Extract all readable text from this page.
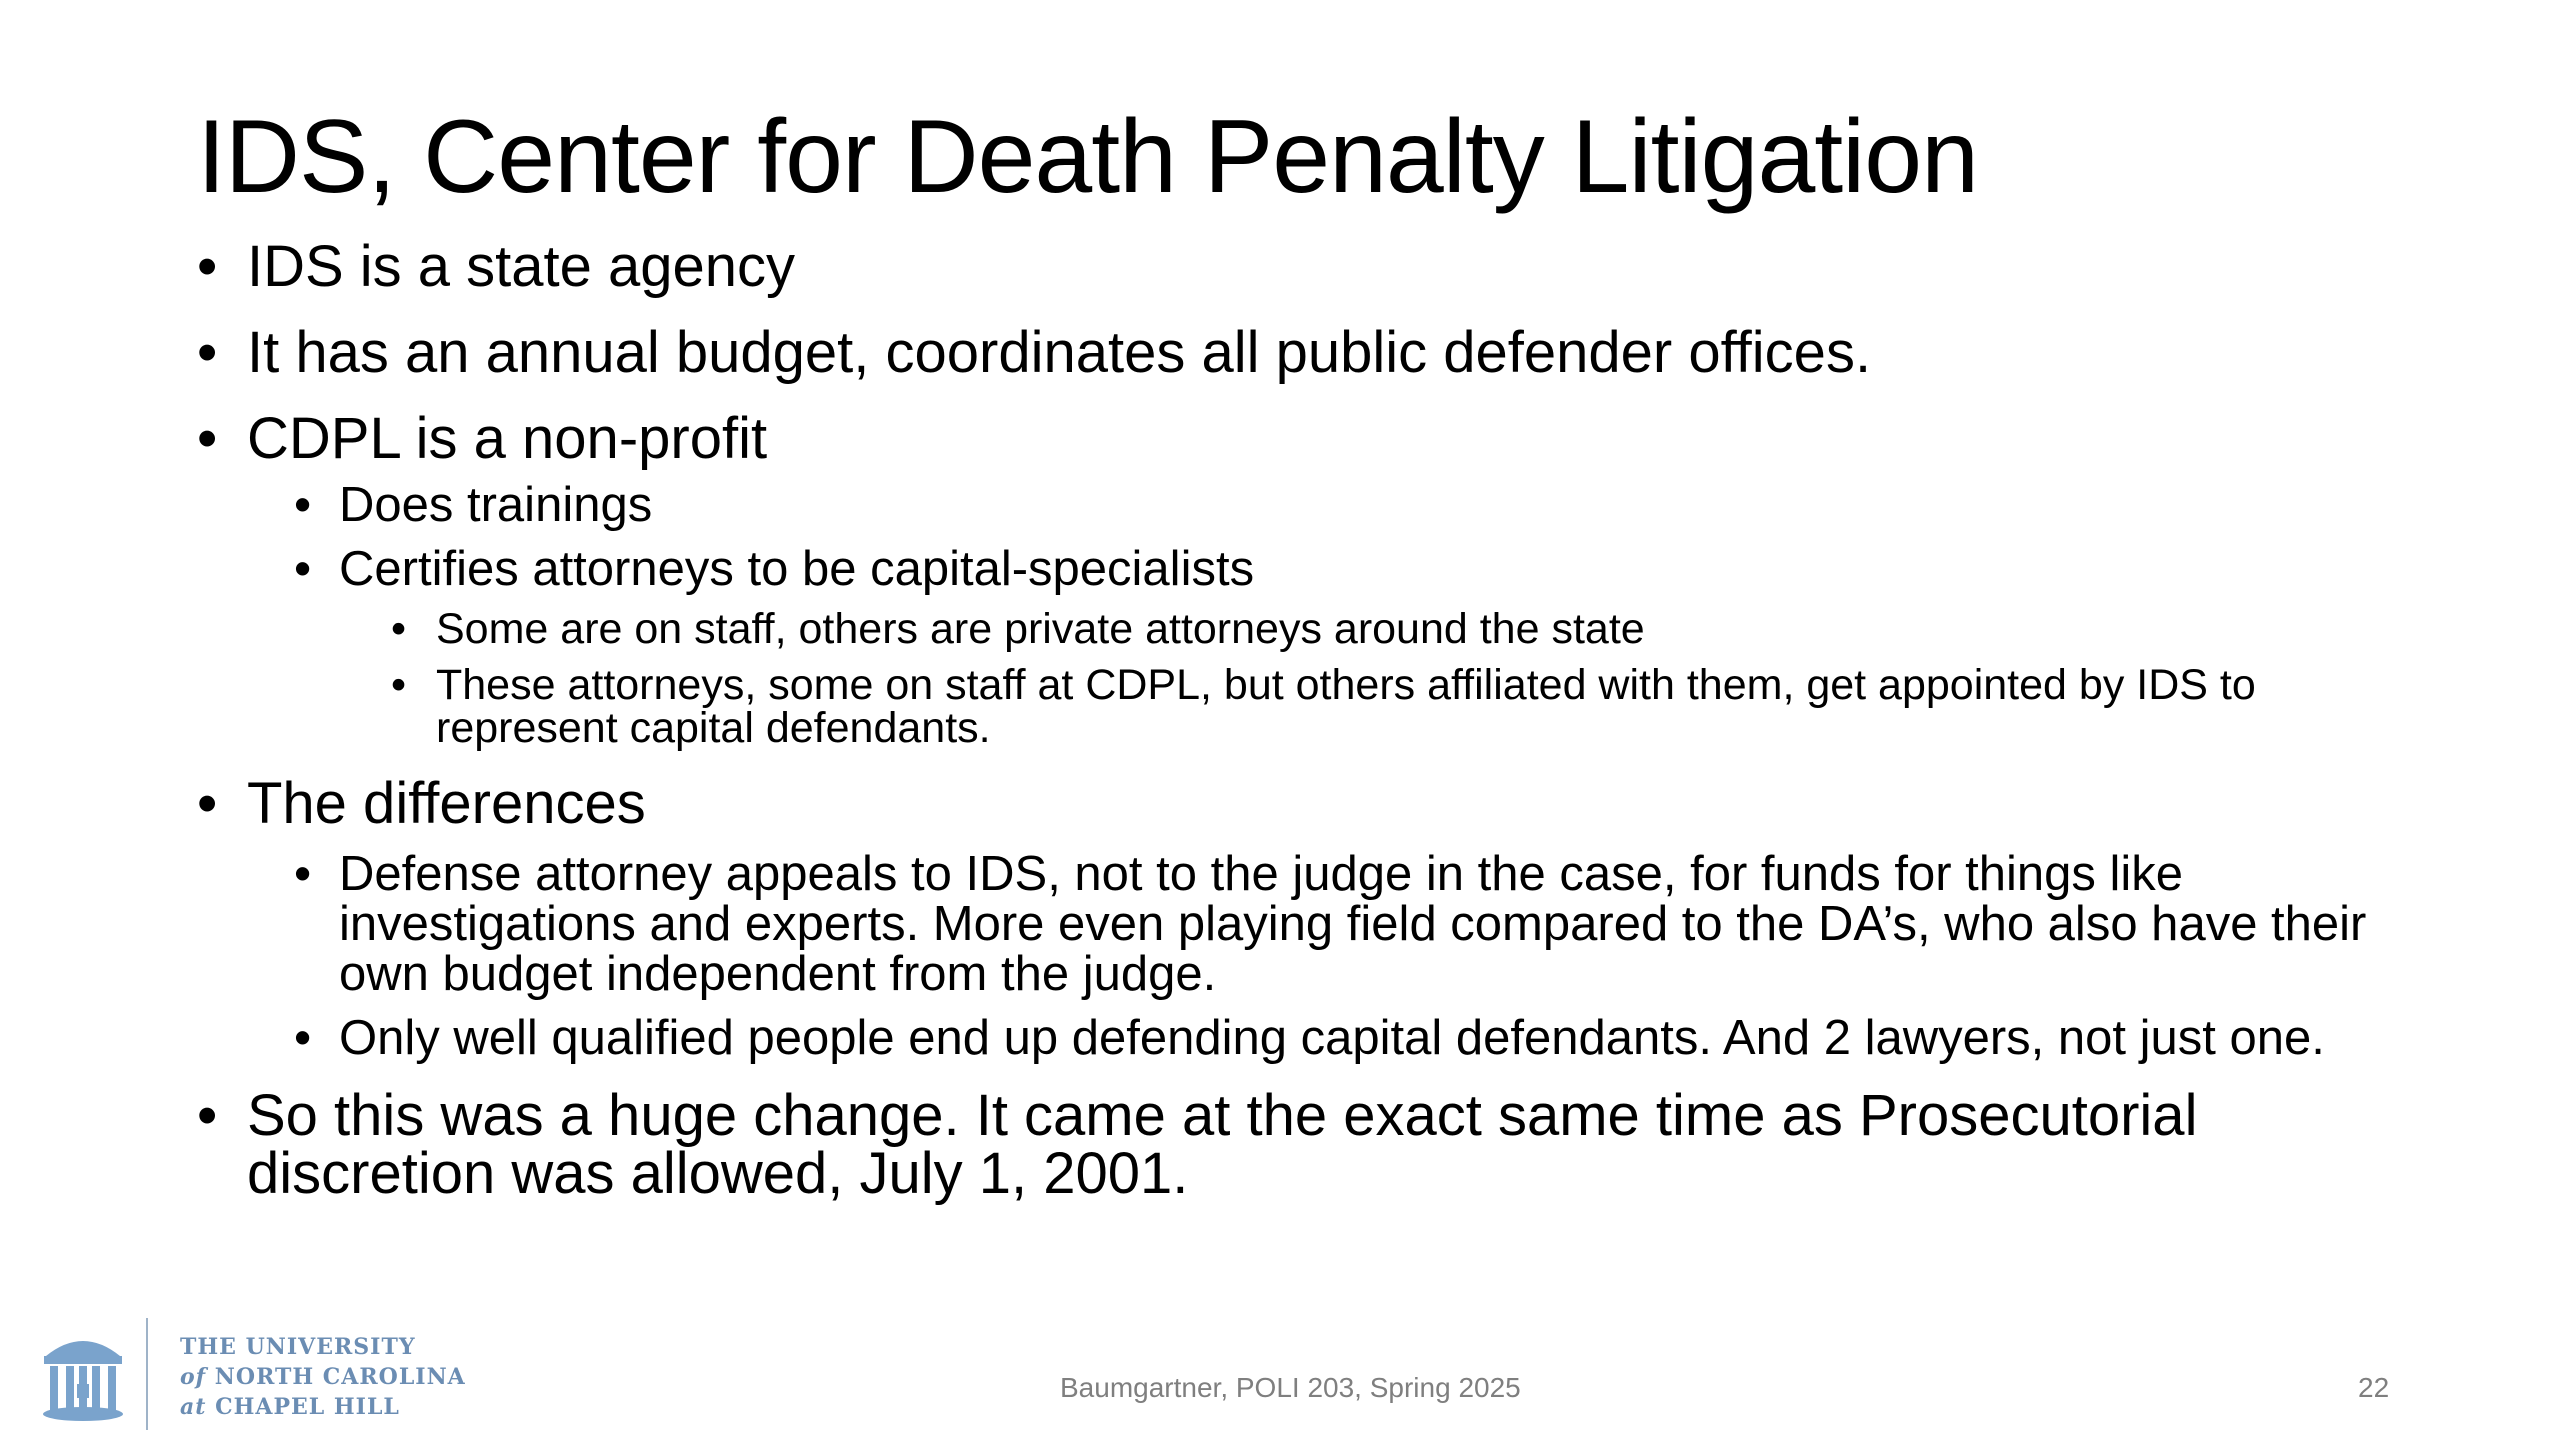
IDS, Center for Death Penalty Litigation
• IDS is a state agency
• It has an annual budget, coordinates all public defender offices.
• CDPL is a non-profit
• Does trainings
• Certifies attorneys to be capital-specialists
• Some are on staff, others are private attorneys around the state
• These attorneys, some on staff at CDPL, but others affiliated with them, get appointed by IDS to represent capital defendants.
• The differences
• Defense attorney appeals to IDS, not to the judge in the case, for funds for things like investigations and experts. More even playing field compared to the DA’s, who also have their own budget independent from the judge.
• Only well qualified people end up defending capital defendants. And 2 lawyers, not just one.
• So this was a huge change. It came at the exact same time as Prosecutorial discretion was allowed, July 1, 2001.
THE UNIVERSITY
of NORTH CAROLINA
at CHAPEL HILL
Baumgartner, POLI 203, Spring 2025	22
